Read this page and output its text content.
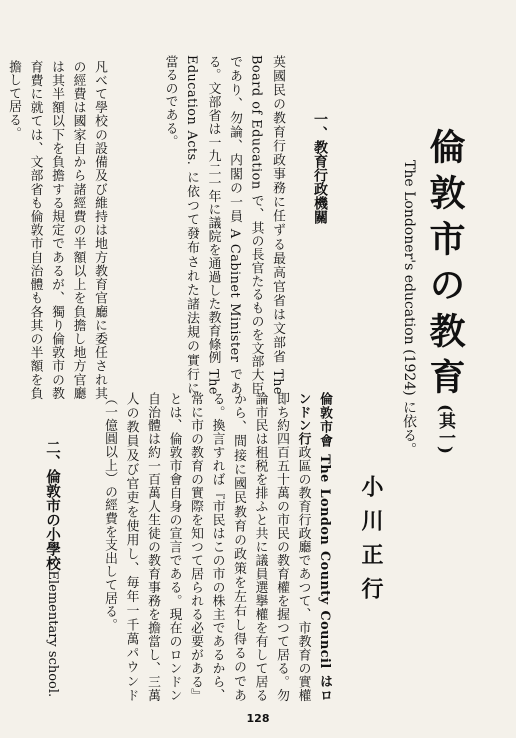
倫敦市の教育(其一)

The Londoner's education (1924) に依る。

小川正行

倫敦市會 The London County Council はロンドン行政區の教育行政廳であつて、市教育の實權即ち約四百五十萬の市民の教育權を握つて居る。勿論市民は租税を排ふと共に議員選擧權を有して居るから、間接に國民教育の政策を左右し得るのである。換言すれば『市民はこの市の株主であるから、常に市の教育の實際を知つて居られる必要がある』とは、倫敦市會自身の宣言である。現在のロンドン自治體は約一百萬人生徒の教育事務を擔當し、三萬人の教員及び官吏を使用し、毎年一千萬パウンド（一億圓以上）の經費を支出して居る。

一、教育行政機關

英國民の教育行政事務に任ずる最高官省は文部省 The Board of Education で、其の長官たるものを文部大臣であり、勿論、内閣の一員 A Cabinet Minister である。文部省は一九二一年に議院を通過した教育條例 The Education Acts. に依つて發布された諸法規の實行に當るのである。

凡べて學校の設備及び維持は地方教育官廳に委任され其の經費は國家自から諸經費の半額以上を負擔し地方官廳は其半額以下を負擔する規定であるが、獨り倫敦市の教育費に就ては、文部省も倫敦市自治體も各其の半額を負擔して居る。

二、倫敦市の小學校Elementary school.
128
